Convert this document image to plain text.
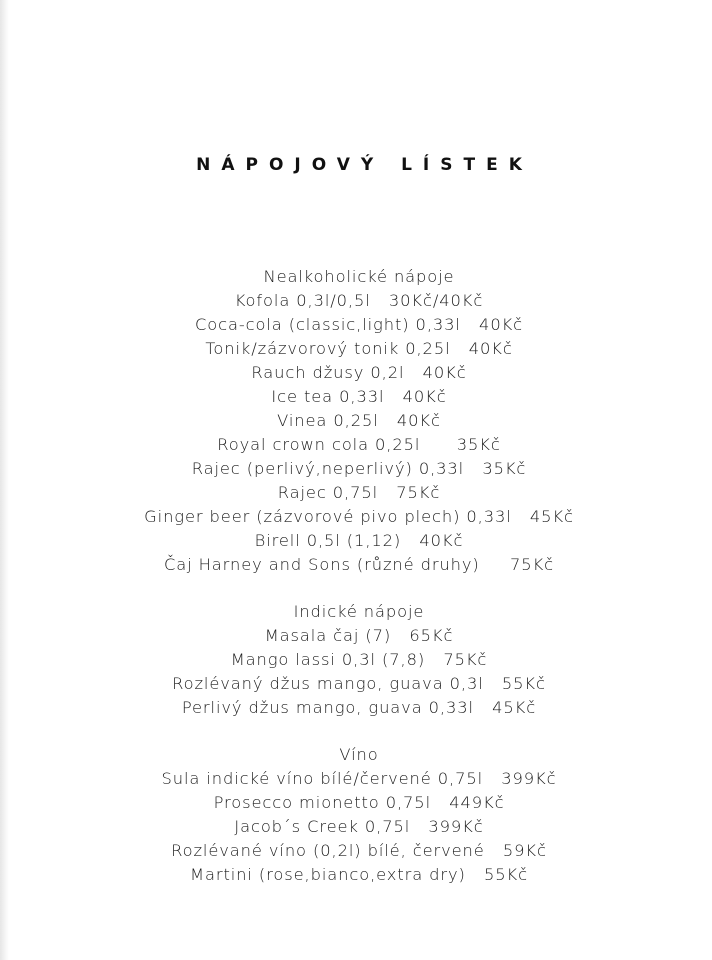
NÁPOJOVÝ LÍSTEK
Nealkoholické nápoje
Kofola 0,3l/0,5l   30Kč/40Kč
Coca-cola (classic,light) 0,33l   40Kč
Tonik/zázvorový tonik 0,25l   40Kč
Rauch džusy 0,2l   40Kč
Ice tea 0,33l   40Kč
Vinea 0,25l   40Kč
Royal crown cola 0,25l      35Kč
Rajec (perlivý,neperlivý) 0,33l   35Kč
Rajec 0,75l   75Kč
Ginger beer (zázvorové pivo plech) 0,33l   45Kč
Birell 0,5l (1,12)   40Kč
Čaj Harney and Sons (různé druhy)     75Kč
Indické nápoje
Masala čaj (7)   65Kč
Mango lassi 0,3l (7,8)   75Kč
Rozlévaný džus mango, guava 0,3l   55Kč
Perlivý džus mango, guava 0,33l   45Kč
Víno
Sula indické víno bílé/červené 0,75l   399Kč
Prosecco mionetto 0,75l   449Kč
Jacob´s Creek 0,75l   399Kč
Rozlévané víno (0,2l) bílé, červené   59Kč
Martini (rose,bianco,extra dry)   55Kč
